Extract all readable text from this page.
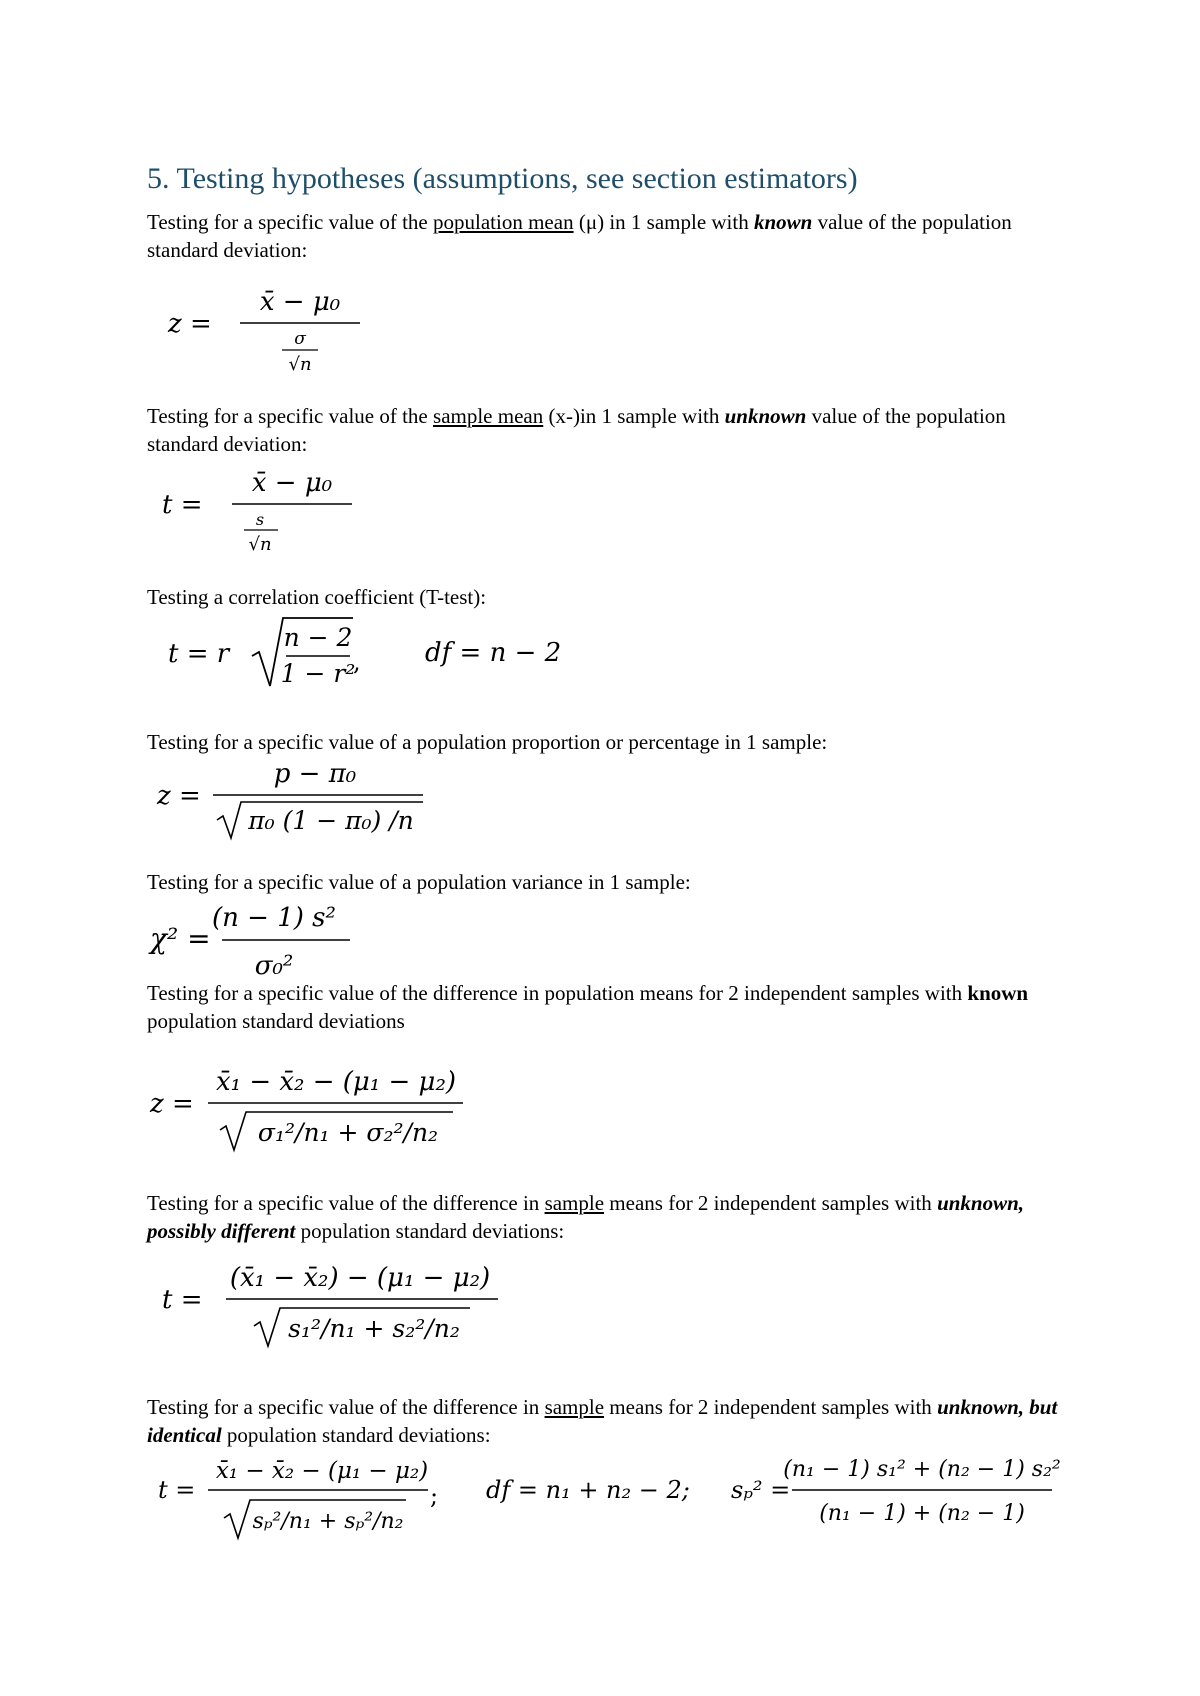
5. Testing hypotheses (assumptions, see section estimators)
Testing for a specific value of the population mean (μ) in 1 sample with known value of the population standard deviation:
z =
x̄ − μ₀
σ
√n
Testing for a specific value of the sample mean (x-)in 1 sample with unknown value of the population standard deviation:
t =
x̄ − μ₀
s
√n
Testing a correlation coefficient (T-test):
t = r
n − 2
1 − r²
, df = n − 2
Testing for a specific value of a population proportion or percentage in 1 sample:
z =
p − π₀
π₀ (1 − π₀) /n
Testing for a specific value of a population variance in 1 sample:
χ² =
(n − 1) s²
σ₀²
Testing for a specific value of the difference in population means for 2 independent samples with known population standard deviations
z =
x̄₁ − x̄₂ − (μ₁ − μ₂)
σ₁²/n₁ + σ₂²/n₂
Testing for a specific value of the difference in sample means for 2 independent samples with unknown, possibly different population standard deviations:
t =
(x̄₁ − x̄₂) − (μ₁ − μ₂)
s₁²/n₁ + s₂²/n₂
Testing for a specific value of the difference in sample means for 2 independent samples with unknown, but identical population standard deviations:
t =
x̄₁ − x̄₂ − (μ₁ − μ₂)
sₚ²/n₁ + sₚ²/n₂
; df = n₁ + n₂ − 2; sₚ² =
(n₁ − 1) s₁² + (n₂ − 1) s₂²
(n₁ − 1) + (n₂ − 1)
